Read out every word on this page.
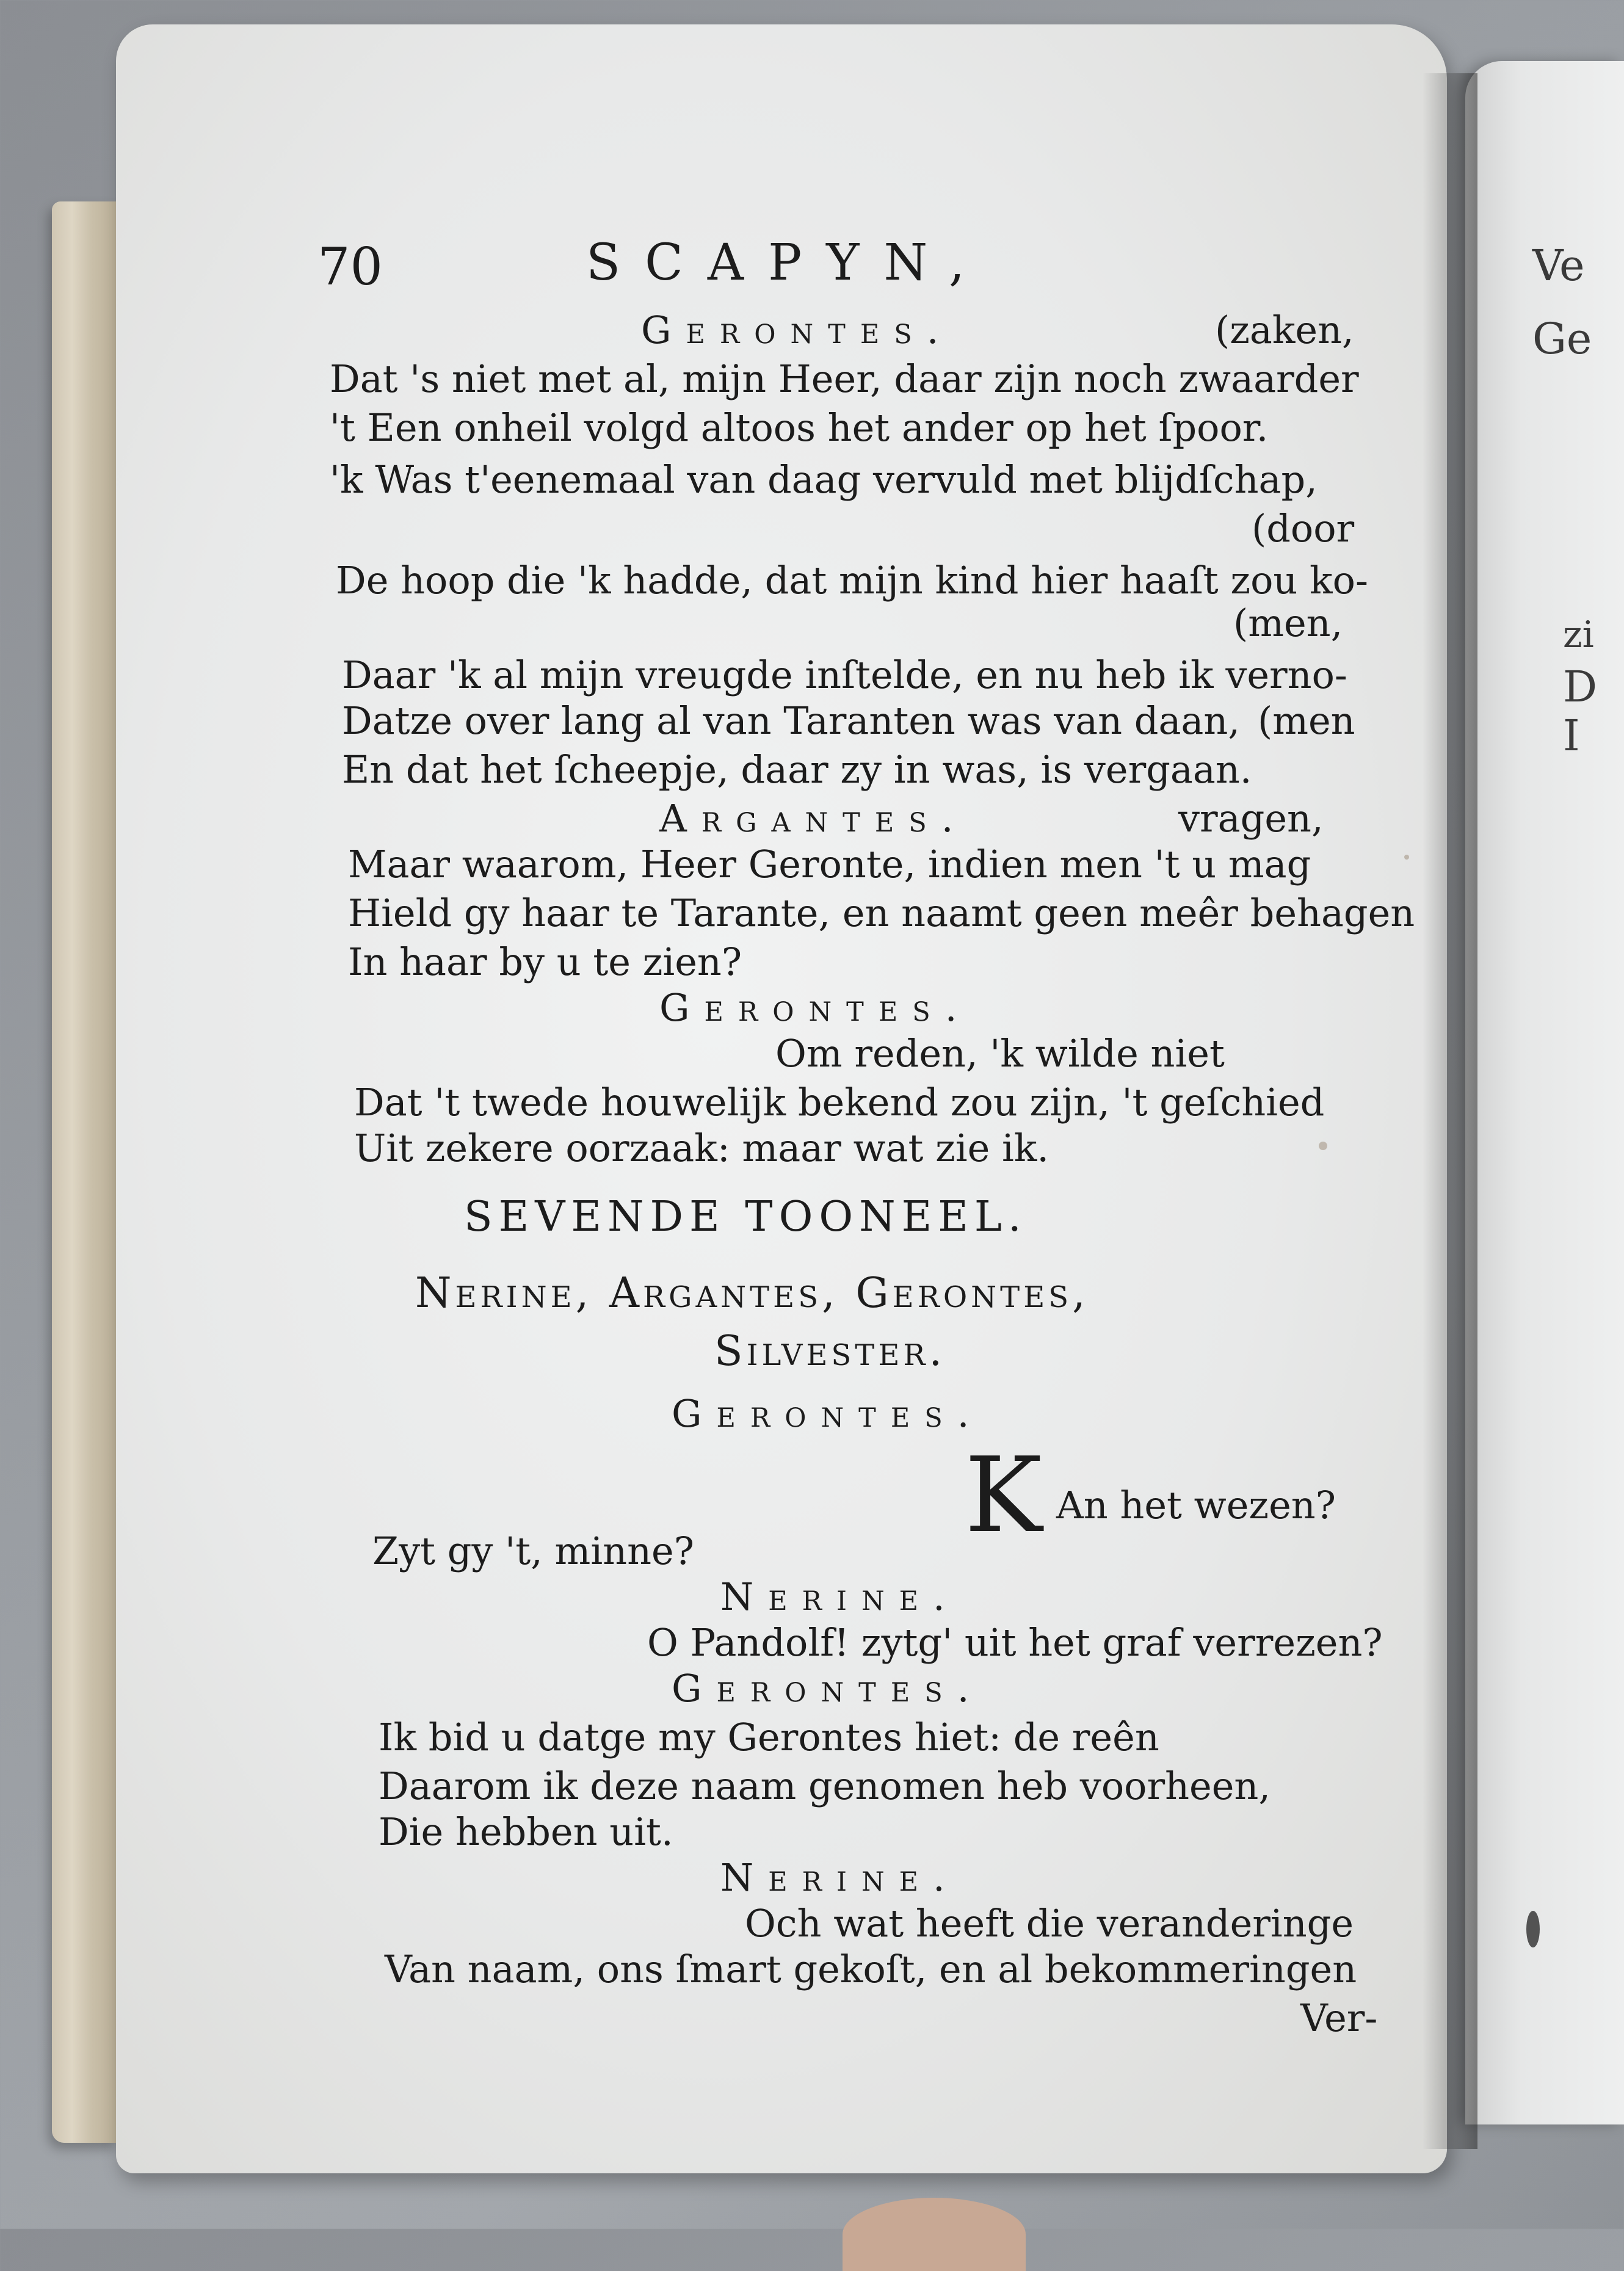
Ve
Ge
zi
D
I
70	SCAPYN,
Gerontes.	(zaken,
Dat 's niet met al, mijn Heer, daar zijn noch zwaarder
't Een onheil volgd altoos het ander op het ſpoor.
'k Was t'eenemaal van daag vervuld met blijdſchap,
(door
De hoop die 'k hadde, dat mijn kind hier haaſt zou ko-
(men,
Daar 'k al mijn vreugde inſtelde, en nu heb ik verno-
Datze over lang al van Taranten was van daan, (men
En dat het ſcheepje, daar zy in was, is vergaan.
Argantes.	vragen,
Maar waarom, Heer Geronte, indien men 't u mag
Hield gy haar te Tarante, en naamt geen meêr behagen
In haar by u te zien?
Gerontes.
Om reden, 'k wilde niet
Dat 't twede houwelijk bekend zou zijn, 't geſchied
Uit zekere oorzaak: maar wat zie ik.
SEVENDE TOONEEL.
Nerine, Argantes, Gerontes,
Silvester.
Gerontes.
K An het wezen?
Zyt gy 't, minne?
Nerine.
O Pandolf! zytg' uit het graf verrezen?
Gerontes.
Ik bid u datge my Gerontes hiet: de reên
Daarom ik deze naam genomen heb voorheen,
Die hebben uit.
Nerine.
Och wat heeft die veranderinge
Van naam, ons ſmart gekoſt, en al bekommeringen
Ver-
